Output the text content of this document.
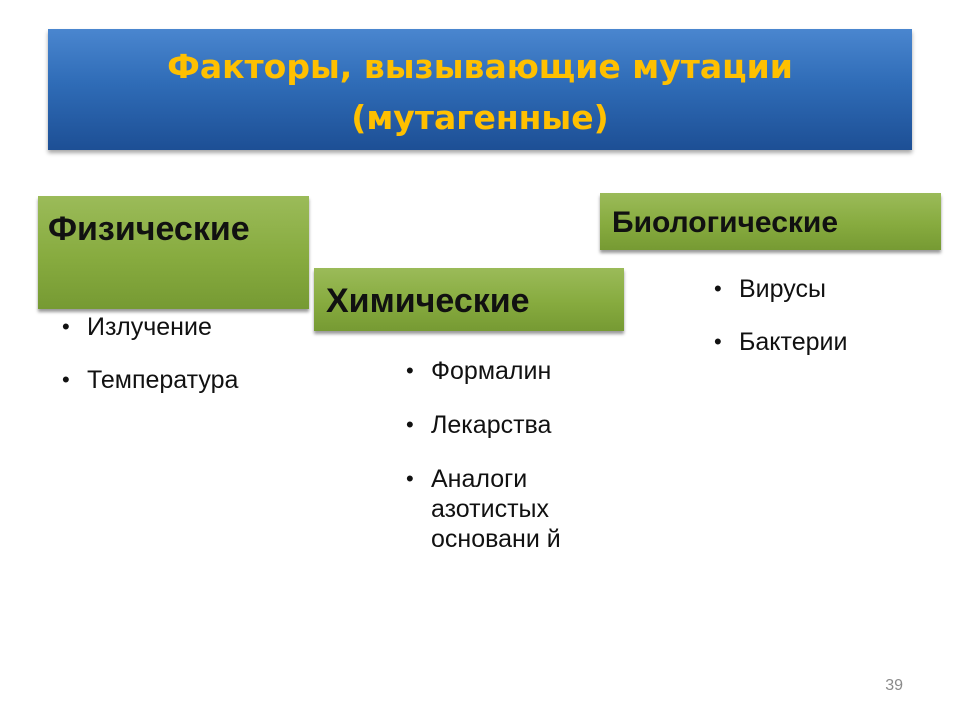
Факторы, вызывающие мутации
(мутагенные)
Физические
• Излучение
• Температура
Химические
• Формалин
• Лекарства
• Аналоги азотистых основани й
Биологические
• Вирусы
• Бактерии
39
